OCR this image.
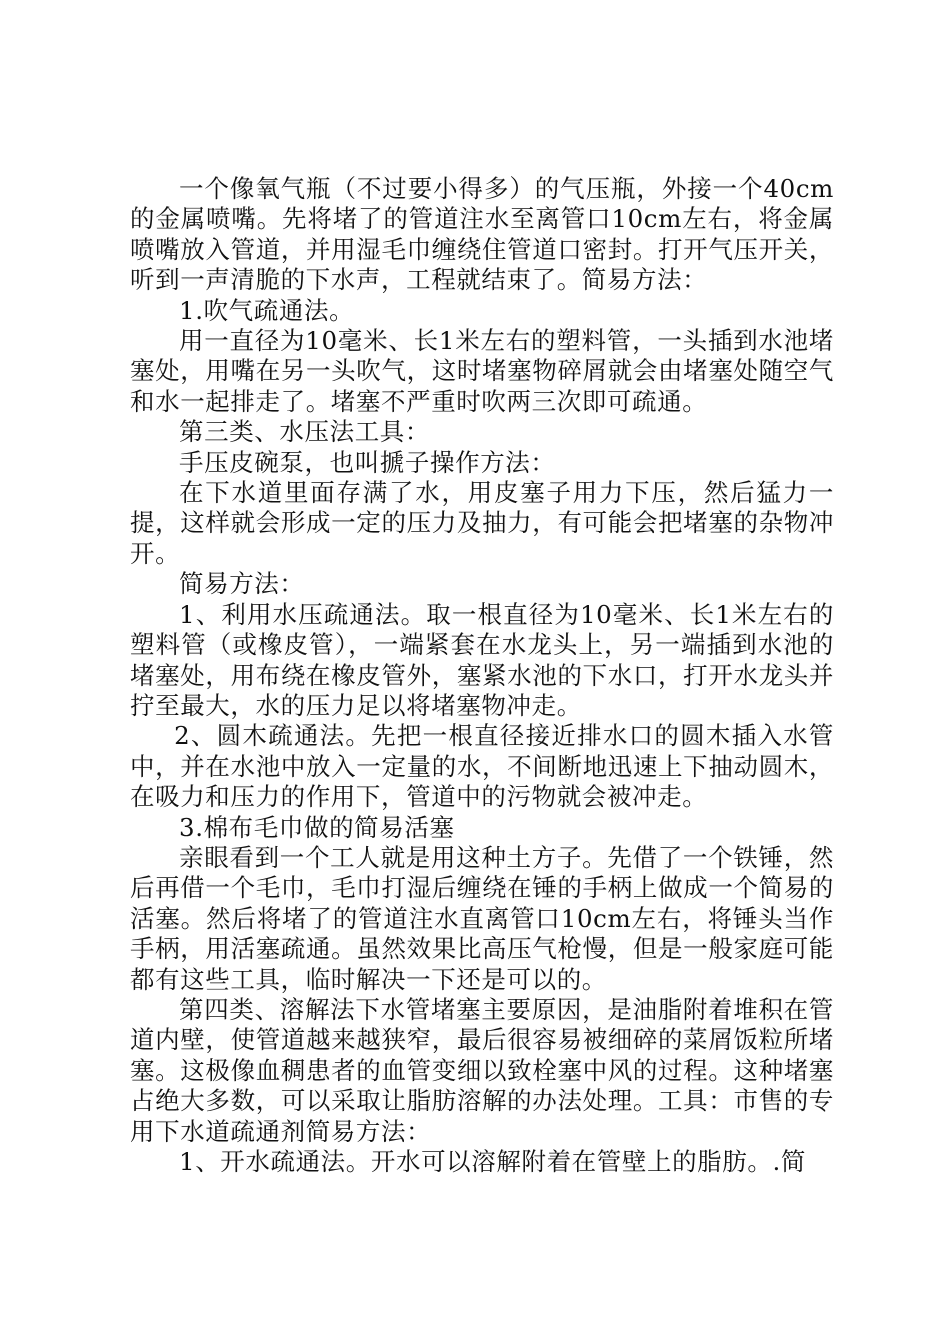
一个像氧气瓶（不过要小得多）的气压瓶，外接一个40cm的金属喷嘴。先将堵了的管道注水至离管口10cm左右，将金属喷嘴放入管道，并用湿毛巾缠绕住管道口密封。打开气压开关，听到一声清脆的下水声，工程就结束了。简易方法：

1.吹气疏通法。

用一直径为10毫米、长1米左右的塑料管，一头插到水池堵塞处，用嘴在另一头吹气，这时堵塞物碎屑就会由堵塞处随空气和水一起排走了。堵塞不严重时吹两三次即可疏通。

第三类、水压法工具：

手压皮碗泵，也叫搋子操作方法：

在下水道里面存满了水，用皮塞子用力下压，然后猛力一提，这样就会形成一定的压力及抽力，有可能会把堵塞的杂物冲开。

简易方法：

1、利用水压疏通法。取一根直径为10毫米、长1米左右的塑料管（或橡皮管），一端紧套在水龙头上，另一端插到水池的堵塞处，用布绕在橡皮管外，塞紧水池的下水口，打开水龙头并拧至最大，水的压力足以将堵塞物冲走。

2、圆木疏通法。先把一根直径接近排水口的圆木插入水管中，并在水池中放入一定量的水，不间断地迅速上下抽动圆木，在吸力和压力的作用下，管道中的污物就会被冲走。

3.棉布毛巾做的简易活塞

亲眼看到一个工人就是用这种土方子。先借了一个铁锤，然后再借一个毛巾，毛巾打湿后缠绕在锤的手柄上做成一个简易的活塞。然后将堵了的管道注水直离管口10cm左右，将锤头当作手柄，用活塞疏通。虽然效果比高压气枪慢，但是一般家庭可能都有这些工具，临时解决一下还是可以的。

第四类、溶解法下水管堵塞主要原因，是油脂附着堆积在管道内壁，使管道越来越狭窄，最后很容易被细碎的菜屑饭粒所堵塞。这极像血稠患者的血管变细以致栓塞中风的过程。这种堵塞占绝大多数，可以采取让脂肪溶解的办法处理。工具：市售的专用下水道疏通剂简易方法：

1、开水疏通法。开水可以溶解附着在管壁上的脂肪。.简
